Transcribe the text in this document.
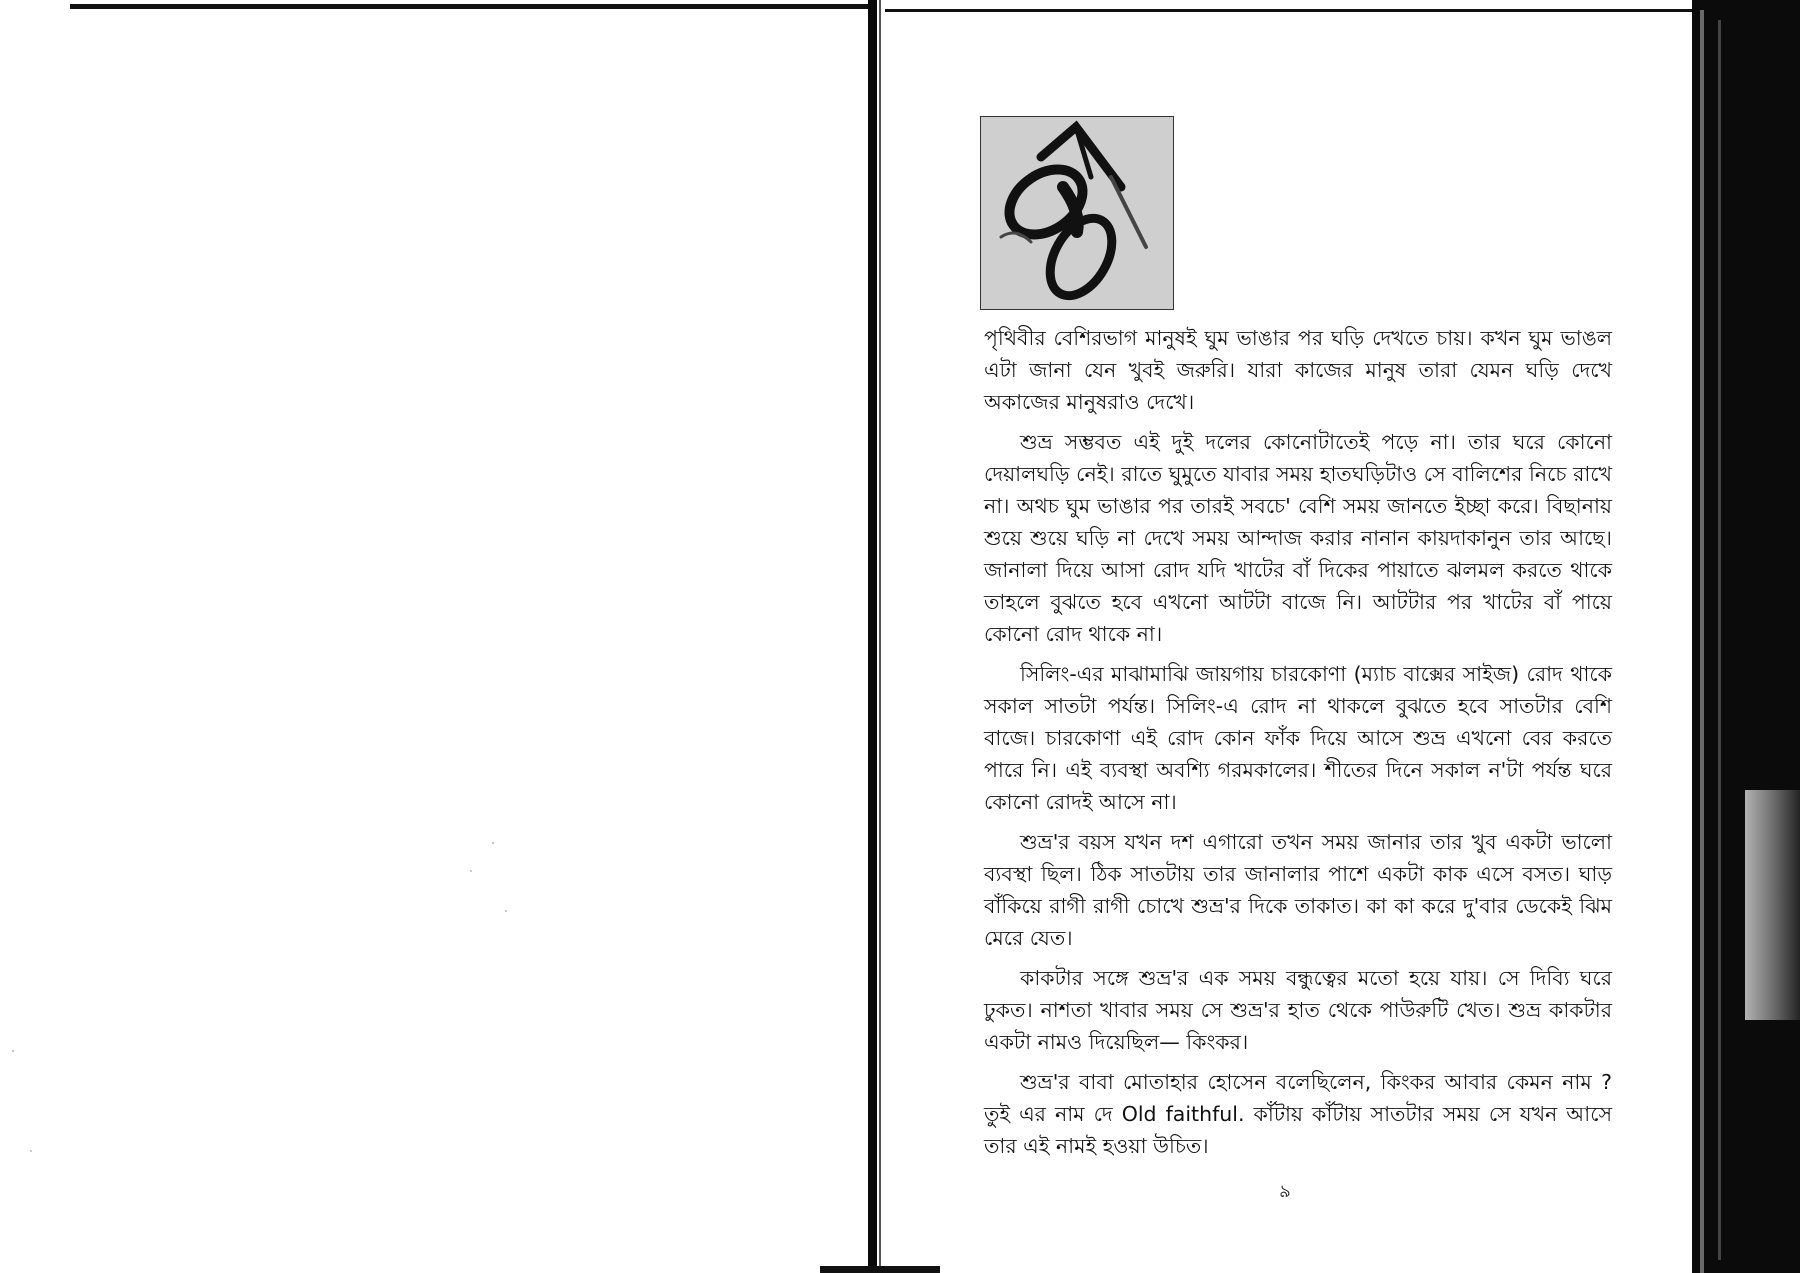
পৃথিবীর বেশিরভাগ মানুষই ঘুম ভাঙার পর ঘড়ি দেখতে চায়। কখন ঘুম ভাঙল এটা জানা যেন খুবই জরুরি। যারা কাজের মানুষ তারা যেমন ঘড়ি দেখে অকাজের মানুষরাও দেখে।

শুভ্র সম্ভবত এই দুই দলের কোনোটাতেই পড়ে না। তার ঘরে কোনো দেয়ালঘড়ি নেই। রাতে ঘুমুতে যাবার সময় হাতঘড়িটাও সে বালিশের নিচে রাখে না। অথচ ঘুম ভাঙার পর তারই সবচে' বেশি সময় জানতে ইচ্ছা করে। বিছানায় শুয়ে শুয়ে ঘড়ি না দেখে সময় আন্দাজ করার নানান কায়দাকানুন তার আছে। জানালা দিয়ে আসা রোদ যদি খাটের বাঁ দিকের পায়াতে ঝলমল করতে থাকে তাহলে বুঝতে হবে এখনো আটটা বাজে নি। আটটার পর খাটের বাঁ পায়ে কোনো রোদ থাকে না।

সিলিং-এর মাঝামাঝি জায়গায় চারকোণা (ম্যাচ বাক্সের সাইজ) রোদ থাকে সকাল সাতটা পর্যন্ত। সিলিং-এ রোদ না থাকলে বুঝতে হবে সাতটার বেশি বাজে। চারকোণা এই রোদ কোন ফাঁক দিয়ে আসে শুভ্র এখনো বের করতে পারে নি। এই ব্যবস্থা অবশ্যি গরমকালের। শীতের দিনে সকাল ন'টা পর্যন্ত ঘরে কোনো রোদই আসে না।

শুভ্র'র বয়স যখন দশ এগারো তখন সময় জানার তার খুব একটা ভালো ব্যবস্থা ছিল। ঠিক সাতটায় তার জানালার পাশে একটা কাক এসে বসত। ঘাড় বাঁকিয়ে রাগী রাগী চোখে শুভ্র'র দিকে তাকাত। কা কা করে দু'বার ডেকেই ঝিম মেরে যেত।

কাকটার সঙ্গে শুভ্র'র এক সময় বন্ধুত্বের মতো হয়ে যায়। সে দিব্যি ঘরে ঢুকত। নাশতা খাবার সময় সে শুভ্র'র হাত থেকে পাউরুটি খেত। শুভ্র কাকটার একটা নামও দিয়েছিল— কিংকর।

শুভ্র'র বাবা মোতাহার হোসেন বলেছিলেন, কিংকর আবার কেমন নাম ? তুই এর নাম দে Old faithful. কাঁটায় কাঁটায় সাতটার সময় সে যখন আসে তার এই নামই হওয়া উচিত।

৯
